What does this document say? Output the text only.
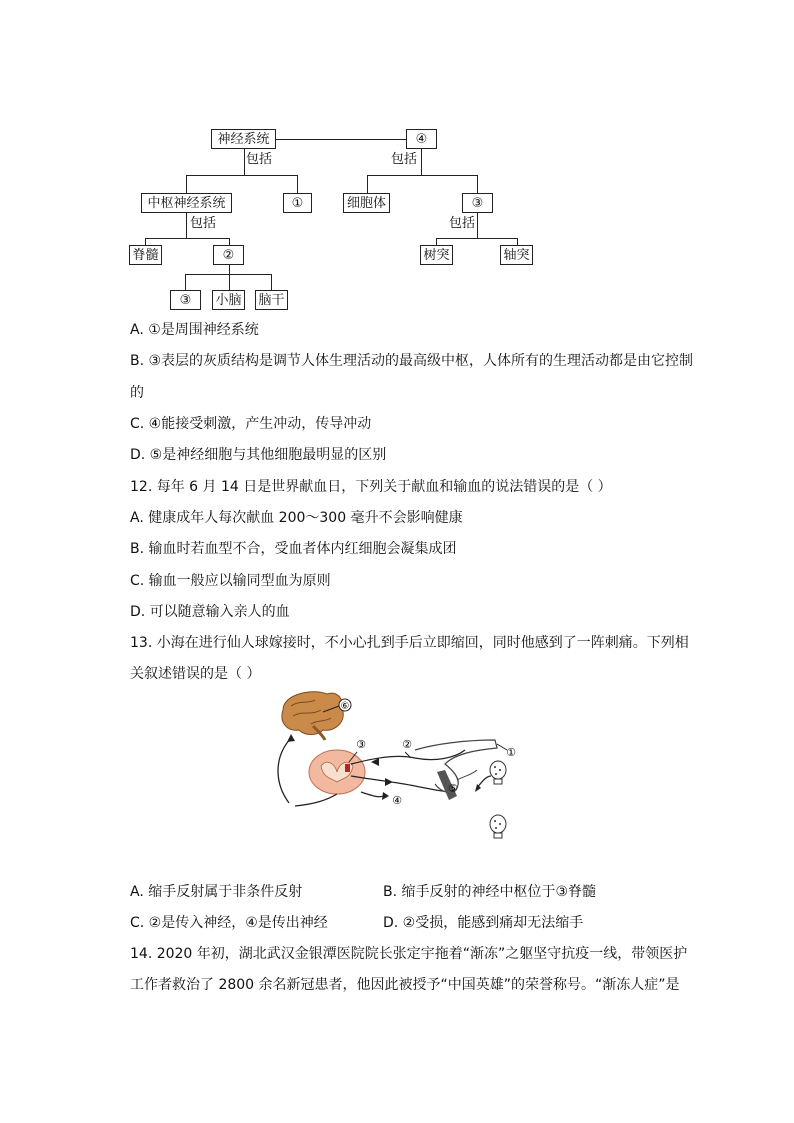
包括	包括
包括	包括
神经系统	④
中枢神经系统	①	细胞体	③
脊髓	②	树突	轴突
③	小脑 脑干
A. ①是周围神经系统
B. ③表层的灰质结构是调节人体生理活动的最高级中枢，人体所有的生理活动都是由它控制
的
C. ④能接受刺激，产生冲动，传导冲动
D. ⑤是神经细胞与其他细胞最明显的区别
12. 每年 6 月 14 日是世界献血日，下列关于献血和输血的说法错误的是（ ）
A. 健康成年人每次献血 200～300 毫升不会影响健康
B. 输血时若血型不合，受血者体内红细胞会凝集成团
C. 输血一般应以输同型血为原则
D. 可以随意输入亲人的血
13. 小海在进行仙人球嫁接时，不小心扎到手后立即缩回，同时他感到了一阵刺痛。下列相
关叙述错误的是（ ）
⑥
③	②
④
①
⑤
A. 缩手反射属于非条件反射	B. 缩手反射的神经中枢位于③脊髓
C. ②是传入神经，④是传出神经	D. ②受损，能感到痛却无法缩手
14. 2020 年初，湖北武汉金银潭医院院长张定宇拖着“渐冻”之躯坚守抗疫一线，带领医护
工作者救治了 2800 余名新冠患者，他因此被授予“中国英雄”的荣誉称号。“渐冻人症”是
